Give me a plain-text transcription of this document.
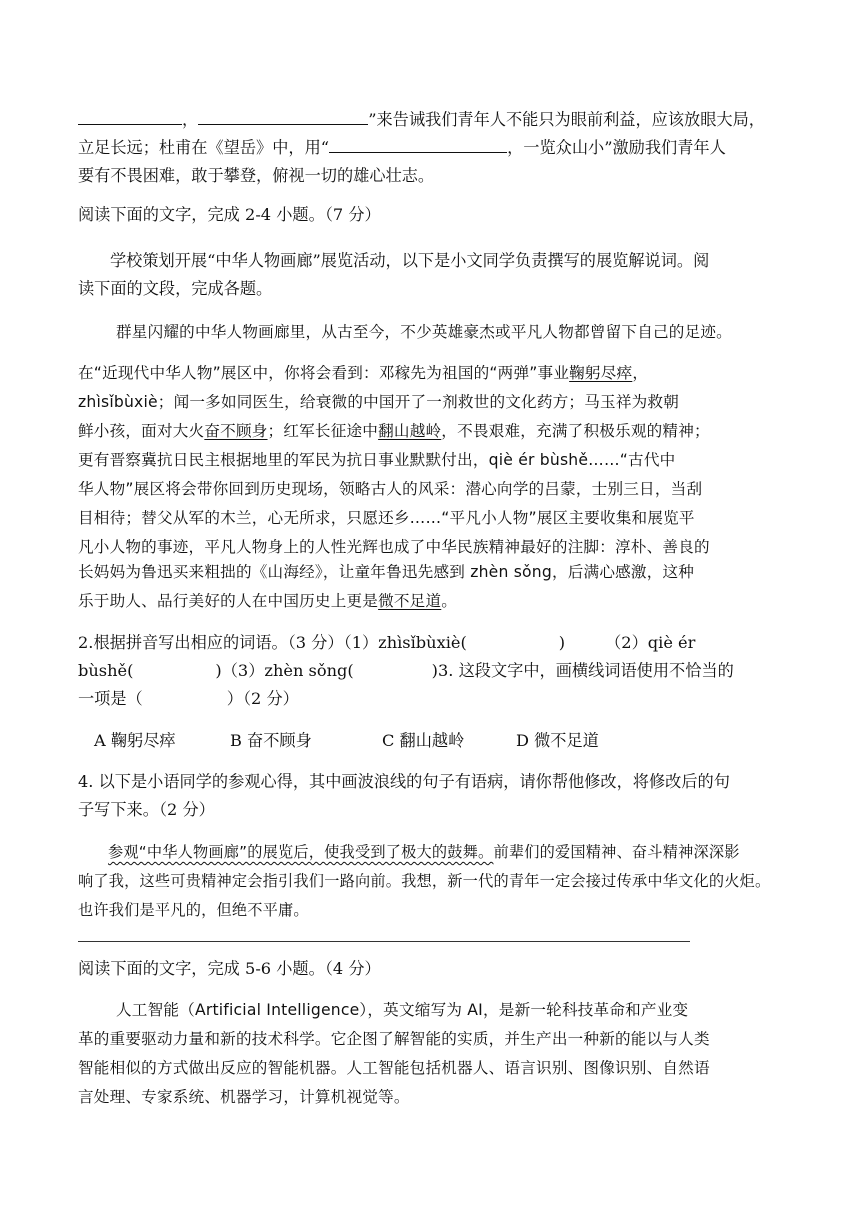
，	”来告诫我们青年人不能只为眼前利益，应该放眼大局，
立足长远；杜甫在《望岳》中，用“	，一览众山小”激励我们青年人
要有不畏困难，敢于攀登，俯视一切的雄心壮志。
阅读下面的文字，完成 2-4 小题。（7 分）
学校策划开展“中华人物画廊”展览活动，以下是小文同学负责撰写的展览解说词。阅
读下面的文段，完成各题。
群星闪耀的中华人物画廊里，从古至今，不少英雄豪杰或平凡人物都曾留下自己的足迹。
在“近现代中华人物”展区中，你将会看到：邓稼先为祖国的“两弹”事业鞠躬尽瘁，
zhìsǐbùxiè；闻一多如同医生，给衰微的中国开了一剂救世的文化药方；马玉祥为救朝
鲜小孩，面对大火奋不顾身；红军长征途中翻山越岭，不畏艰难，充满了积极乐观的精神；
更有晋察冀抗日民主根据地里的军民为抗日事业默默付出，qiè ér bùshě……“古代中
华人物”展区将会带你回到历史现场，领略古人的风采：潜心向学的吕蒙，士别三日，当刮
目相待；替父从军的木兰，心无所求，只愿还乡……“平凡小人物”展区主要收集和展览平
凡小人物的事迹，平凡人物身上的人性光辉也成了中华民族精神最好的注脚：淳朴、善良的
长妈妈为鲁迅买来粗拙的《山海经》，让童年鲁迅先感到 zhèn sǒng，后满心感激，这种
乐于助人、品行美好的人在中国历史上更是微不足道。
2.根据拼音写出相应的词语。（3 分）（1）zhìsǐbùxiè(	) （2）qiè ér
bùshě(	)（3）zhèn sǒng(	)3. 这段文字中，画横线词语使用不恰当的
一项是（	）（2 分）
A 鞠躬尽瘁	B 奋不顾身	C 翻山越岭	D 微不足道
4. 以下是小语同学的参观心得，其中画波浪线的句子有语病，请你帮他修改，将修改后的句
子写下来。（2 分）
参观“中华人物画廊”的展览后，使我受到了极大的鼓舞。前辈们的爱国精神、奋斗精神深深影
响了我，这些可贵精神定会指引我们一路向前。我想，新一代的青年一定会接过传承中华文化的火炬。
也许我们是平凡的，但绝不平庸。
阅读下面的文字，完成 5-6 小题。（4 分）
人工智能（Artificial Intelligence），英文缩写为 AI，是新一轮科技革命和产业变
革的重要驱动力量和新的技术科学。它企图了解智能的实质，并生产出一种新的能以与人类
智能相似的方式做出反应的智能机器。人工智能包括机器人、语言识别、图像识别、自然语
言处理、专家系统、机器学习，计算机视觉等。
